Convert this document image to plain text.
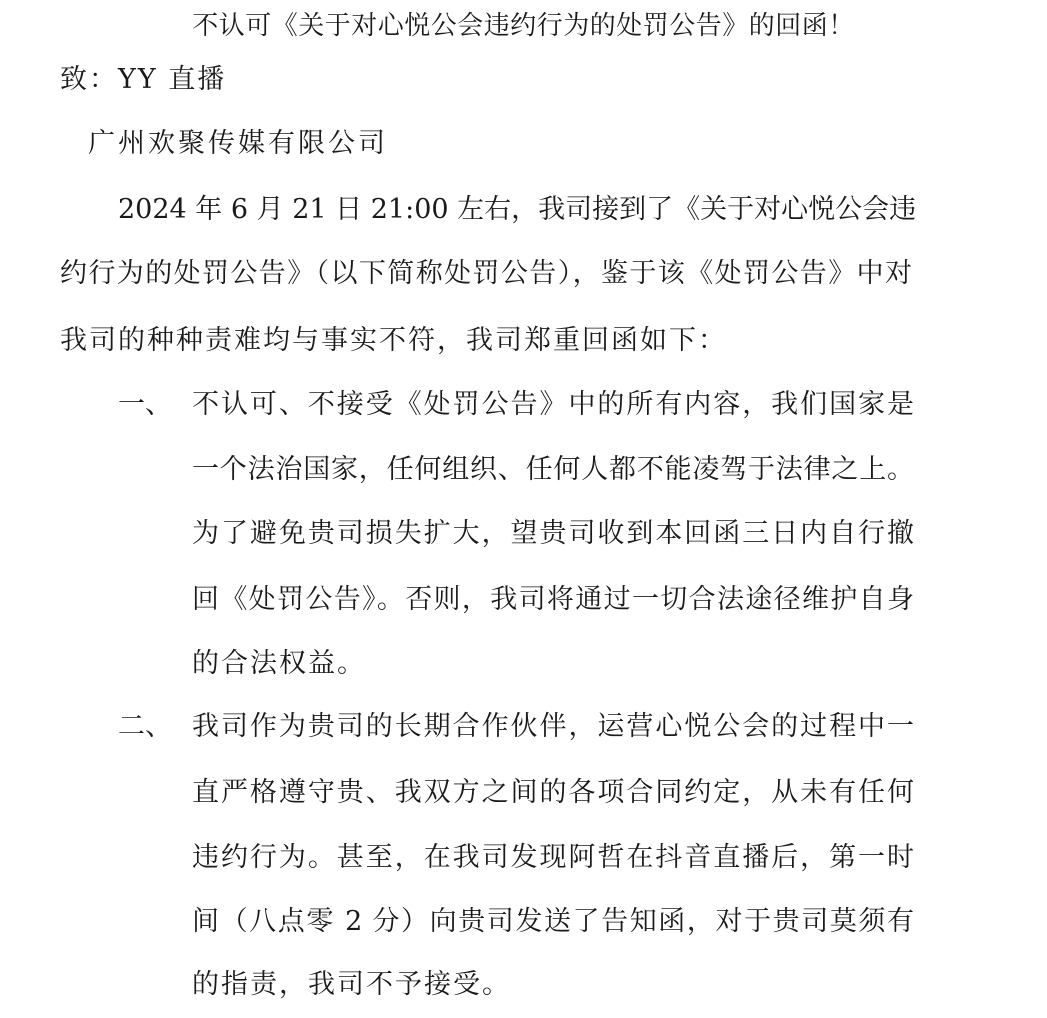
不认可《关于对心悦公会违约行为的处罚公告》的回函！
致：YY 直播
广州欢聚传媒有限公司
2024 年 6 月 21 日 21:00 左右，我司接到了《关于对心悦公会违
约行为的处罚公告》（以下简称处罚公告），鉴于该《处罚公告》中对
我司的种种责难均与事实不符，我司郑重回函如下：
一、 不认可、不接受《处罚公告》中的所有内容，我们国家是
一个法治国家，任何组织、任何人都不能凌驾于法律之上。
为了避免贵司损失扩大，望贵司收到本回函三日内自行撤
回《处罚公告》。否则，我司将通过一切合法途径维护自身
的合法权益。
二、 我司作为贵司的长期合作伙伴，运营心悦公会的过程中一
直严格遵守贵、我双方之间的各项合同约定，从未有任何
违约行为。甚至，在我司发现阿哲在抖音直播后，第一时
间（八点零 2 分）向贵司发送了告知函，对于贵司莫须有
的指责，我司不予接受。
